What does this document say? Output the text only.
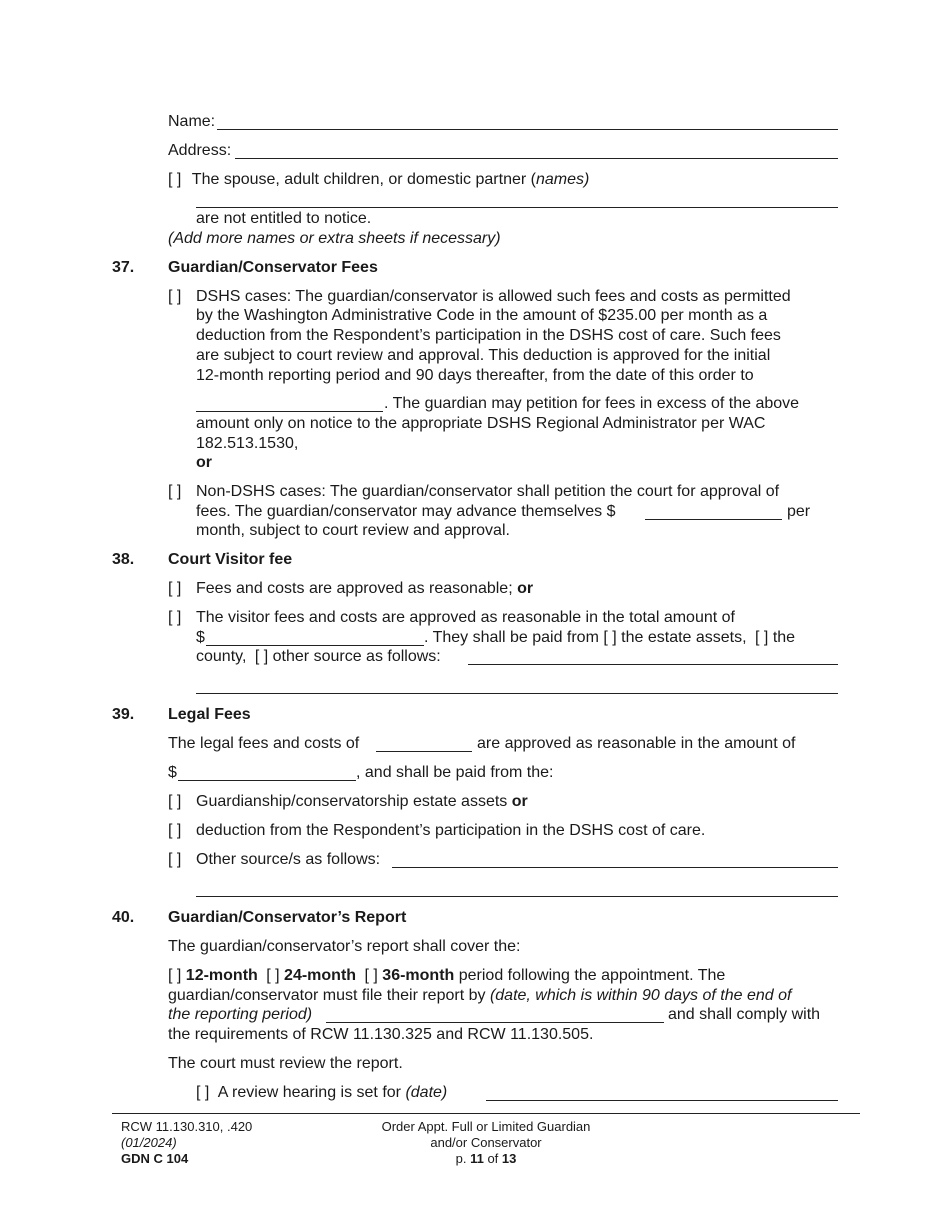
Name:
Address:
[ ] The spouse, adult children, or domestic partner (names)
are not entitled to notice.
(Add more names or extra sheets if necessary)
37. Guardian/Conservator Fees
[ ] DSHS cases: The guardian/conservator is allowed such fees and costs as permitted
by the Washington Administrative Code in the amount of $235.00 per month as a
deduction from the Respondent’s participation in the DSHS cost of care. Such fees
are subject to court review and approval. This deduction is approved for the initial
12-month reporting period and 90 days thereafter, from the date of this order to
. The guardian may petition for fees in excess of the above
amount only on notice to the appropriate DSHS Regional Administrator per WAC
182.513.1530,
or
[ ] Non-DSHS cases: The guardian/conservator shall petition the court for approval of
fees. The guardian/conservator may advance themselves $	per
month, subject to court review and approval.
38. Court Visitor fee
[ ] Fees and costs are approved as reasonable; or
[ ] The visitor fees and costs are approved as reasonable in the total amount of
$	. They shall be paid from [ ] the estate assets, [ ] the
county, [ ] other source as follows:
39. Legal Fees
The legal fees and costs of	are approved as reasonable in the amount of
$	, and shall be paid from the:
[ ] Guardianship/conservatorship estate assets or
[ ] deduction from the Respondent’s participation in the DSHS cost of care.
[ ] Other source/s as follows:
40. Guardian/Conservator’s Report
The guardian/conservator’s report shall cover the:
[ ] 12-month [ ] 24-month [ ] 36-month period following the appointment. The
guardian/conservator must file their report by (date, which is within 90 days of the end of
the reporting period)	and shall comply with
the requirements of RCW 11.130.325 and RCW 11.130.505.
The court must review the report.
[ ] A review hearing is set for (date)
RCW 11.130.310, .420
(01/2024)
GDN C 104
Order Appt. Full or Limited Guardian
and/or Conservator
p. 11 of 13
